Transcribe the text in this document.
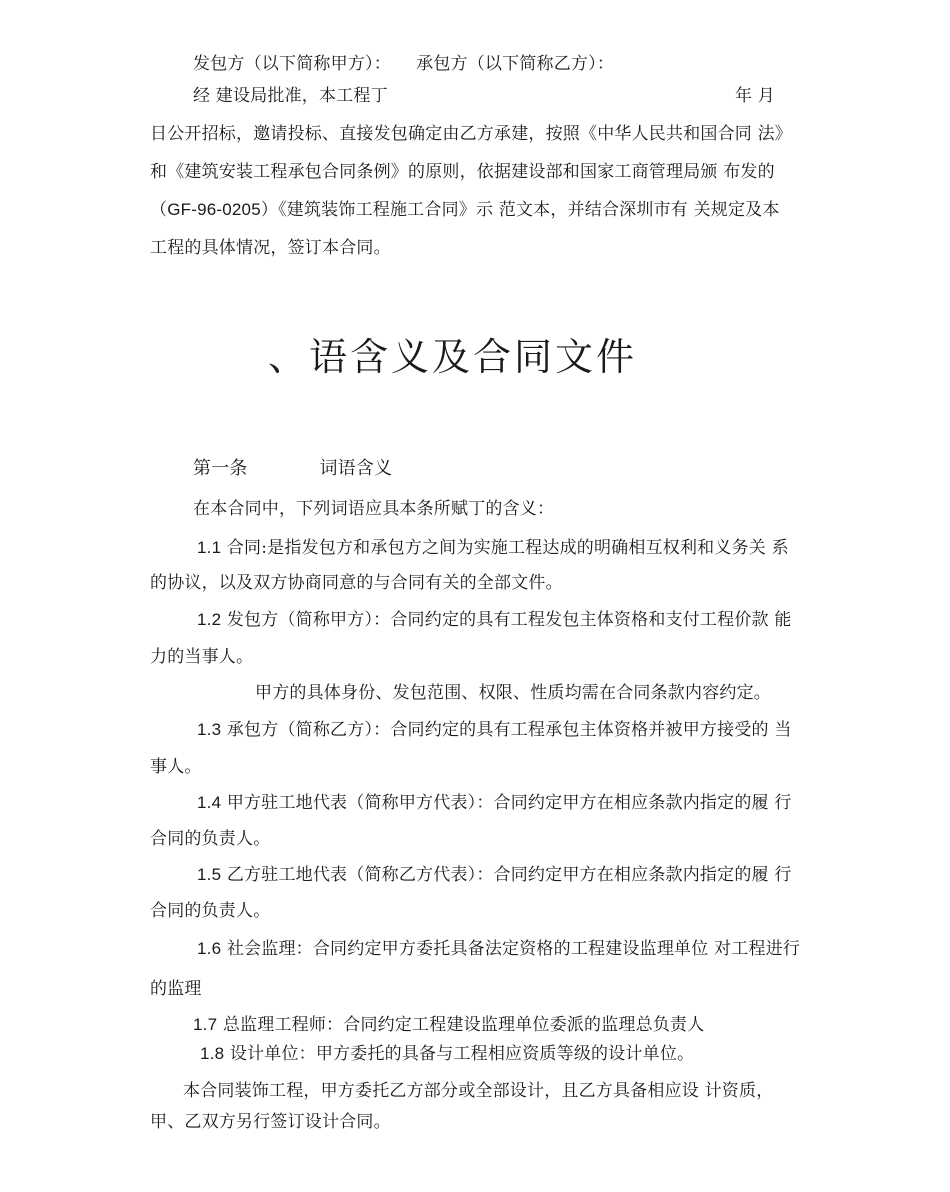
发包方（以下简称甲方）： 承包方（以下简称乙方）：
经 建设局批准，本工程丁	年 月
日公开招标，邀请投标、直接发包确定由乙方承建，按照《中华人民共和国合同 法》
和《建筑安装工程承包合同条例》的原则，依据建设部和国家工商管理局颁 布发的
（GF-96-0205）《建筑装饰工程施工合同》示 范文本，并结合深圳市有 关规定及本
工程的具体情况，签订本合同。
、语含义及合同文件
第一条	词语含义
在本合同中，下列词语应具本条所赋丁的含义：
1.1 合同:是指发包方和承包方之间为实施工程达成的明确相互权利和义务关 系
的协议，以及双方协商同意的与合同有关的全部文件。
1.2 发包方（简称甲方）：合同约定的具有工程发包主体资格和支付工程价款 能
力的当事人。
甲方的具体身份、发包范围、权限、性质均需在合同条款内容约定。
1.3 承包方（简称乙方）：合同约定的具有工程承包主体资格并被甲方接受的 当
事人。
1.4 甲方驻工地代表（简称甲方代表）：合同约定甲方在相应条款内指定的履 行
合同的负责人。
1.5 乙方驻工地代表（简称乙方代表）：合同约定甲方在相应条款内指定的履 行
合同的负责人。
1.6 社会监理：合同约定甲方委托具备法定资格的工程建设监理单位 对工程进行
的监理
1.7 总监理工程师：合同约定工程建设监理单位委派的监理总负责人
1.8 设计单位：甲方委托的具备与工程相应资质等级的设计单位。
本合同装饰工程，甲方委托乙方部分或全部设计，且乙方具备相应设 计资质，
甲、乙双方另行签订设计合同。
